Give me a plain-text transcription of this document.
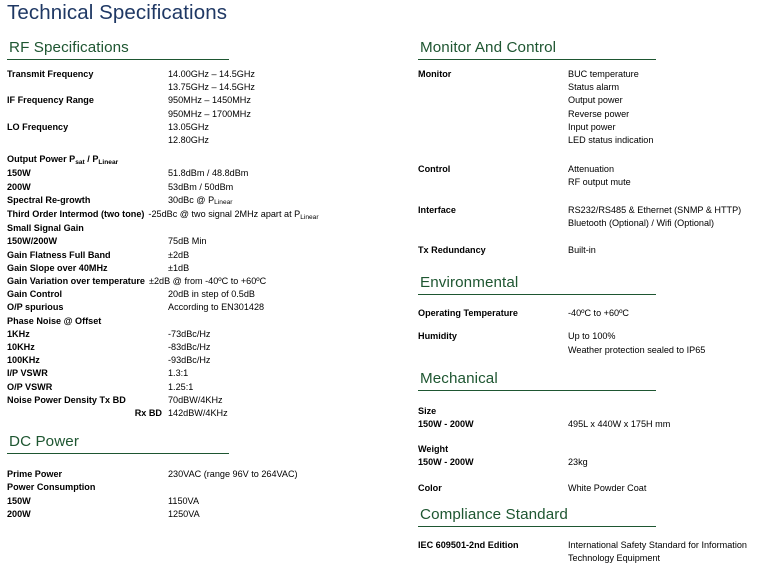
Technical Specifications
RF Specifications
Transmit Frequency	14.00GHz – 14.5GHz
13.75GHz – 14.5GHz
IF Frequency Range	950MHz – 1450MHz
950MHz – 1700MHz
LO Frequency	13.05GHz
12.80GHz
Output Power $P_{sat} / P_{Linear}$
150W	51.8dBm / 48.8dBm
200W	53dBm / 50dBm
Spectral Re-growth	30dBc @ PLinear
Third Order Intermod (two tone) -25dBc @ two signal 2MHz apart at PLinear
Small Signal Gain
150W/200W	75dB Min
Gain Flatness Full Band	±2dB
Gain Slope over 40MHz	±1dB
Gain Variation over temperature ±2dB @ from -40ºC to +60ºC
Gain Control	20dB in step of 0.5dB
O/P spurious	According to EN301428
Phase Noise @ Offset
1KHz	-73dBc/Hz
10KHz	-83dBc/Hz
100KHz	-93dBc/Hz
I/P VSWR	1.3:1
O/P VSWR	1.25:1
Noise Power Density Tx BD	70dBW/4KHz
Rx BD 142dBW/4KHz
DC Power
Prime Power	230VAC (range 96V to 264VAC)
Power Consumption
150W	1150VA
200W	1250VA
Monitor And Control
Monitor	BUC temperature
Status alarm
Output power
Reverse power
Input power
LED status indication
Control	Attenuation
RF output mute
Interface	RS232/RS485 & Ethernet (SNMP & HTTP)
Bluetooth (Optional) / Wifi (Optional)
Tx Redundancy	Built-in
Environmental
Operating Temperature	-40ºC to +60ºC
Humidity	Up to 100%
Weather protection sealed to IP65
Mechanical
Size
150W - 200W	495L x 440W x 175H mm
Weight
150W - 200W	23kg
Color	White Powder Coat
Compliance Standard
IEC 609501-2nd Edition	International Safety Standard for Information
Technology Equipment
